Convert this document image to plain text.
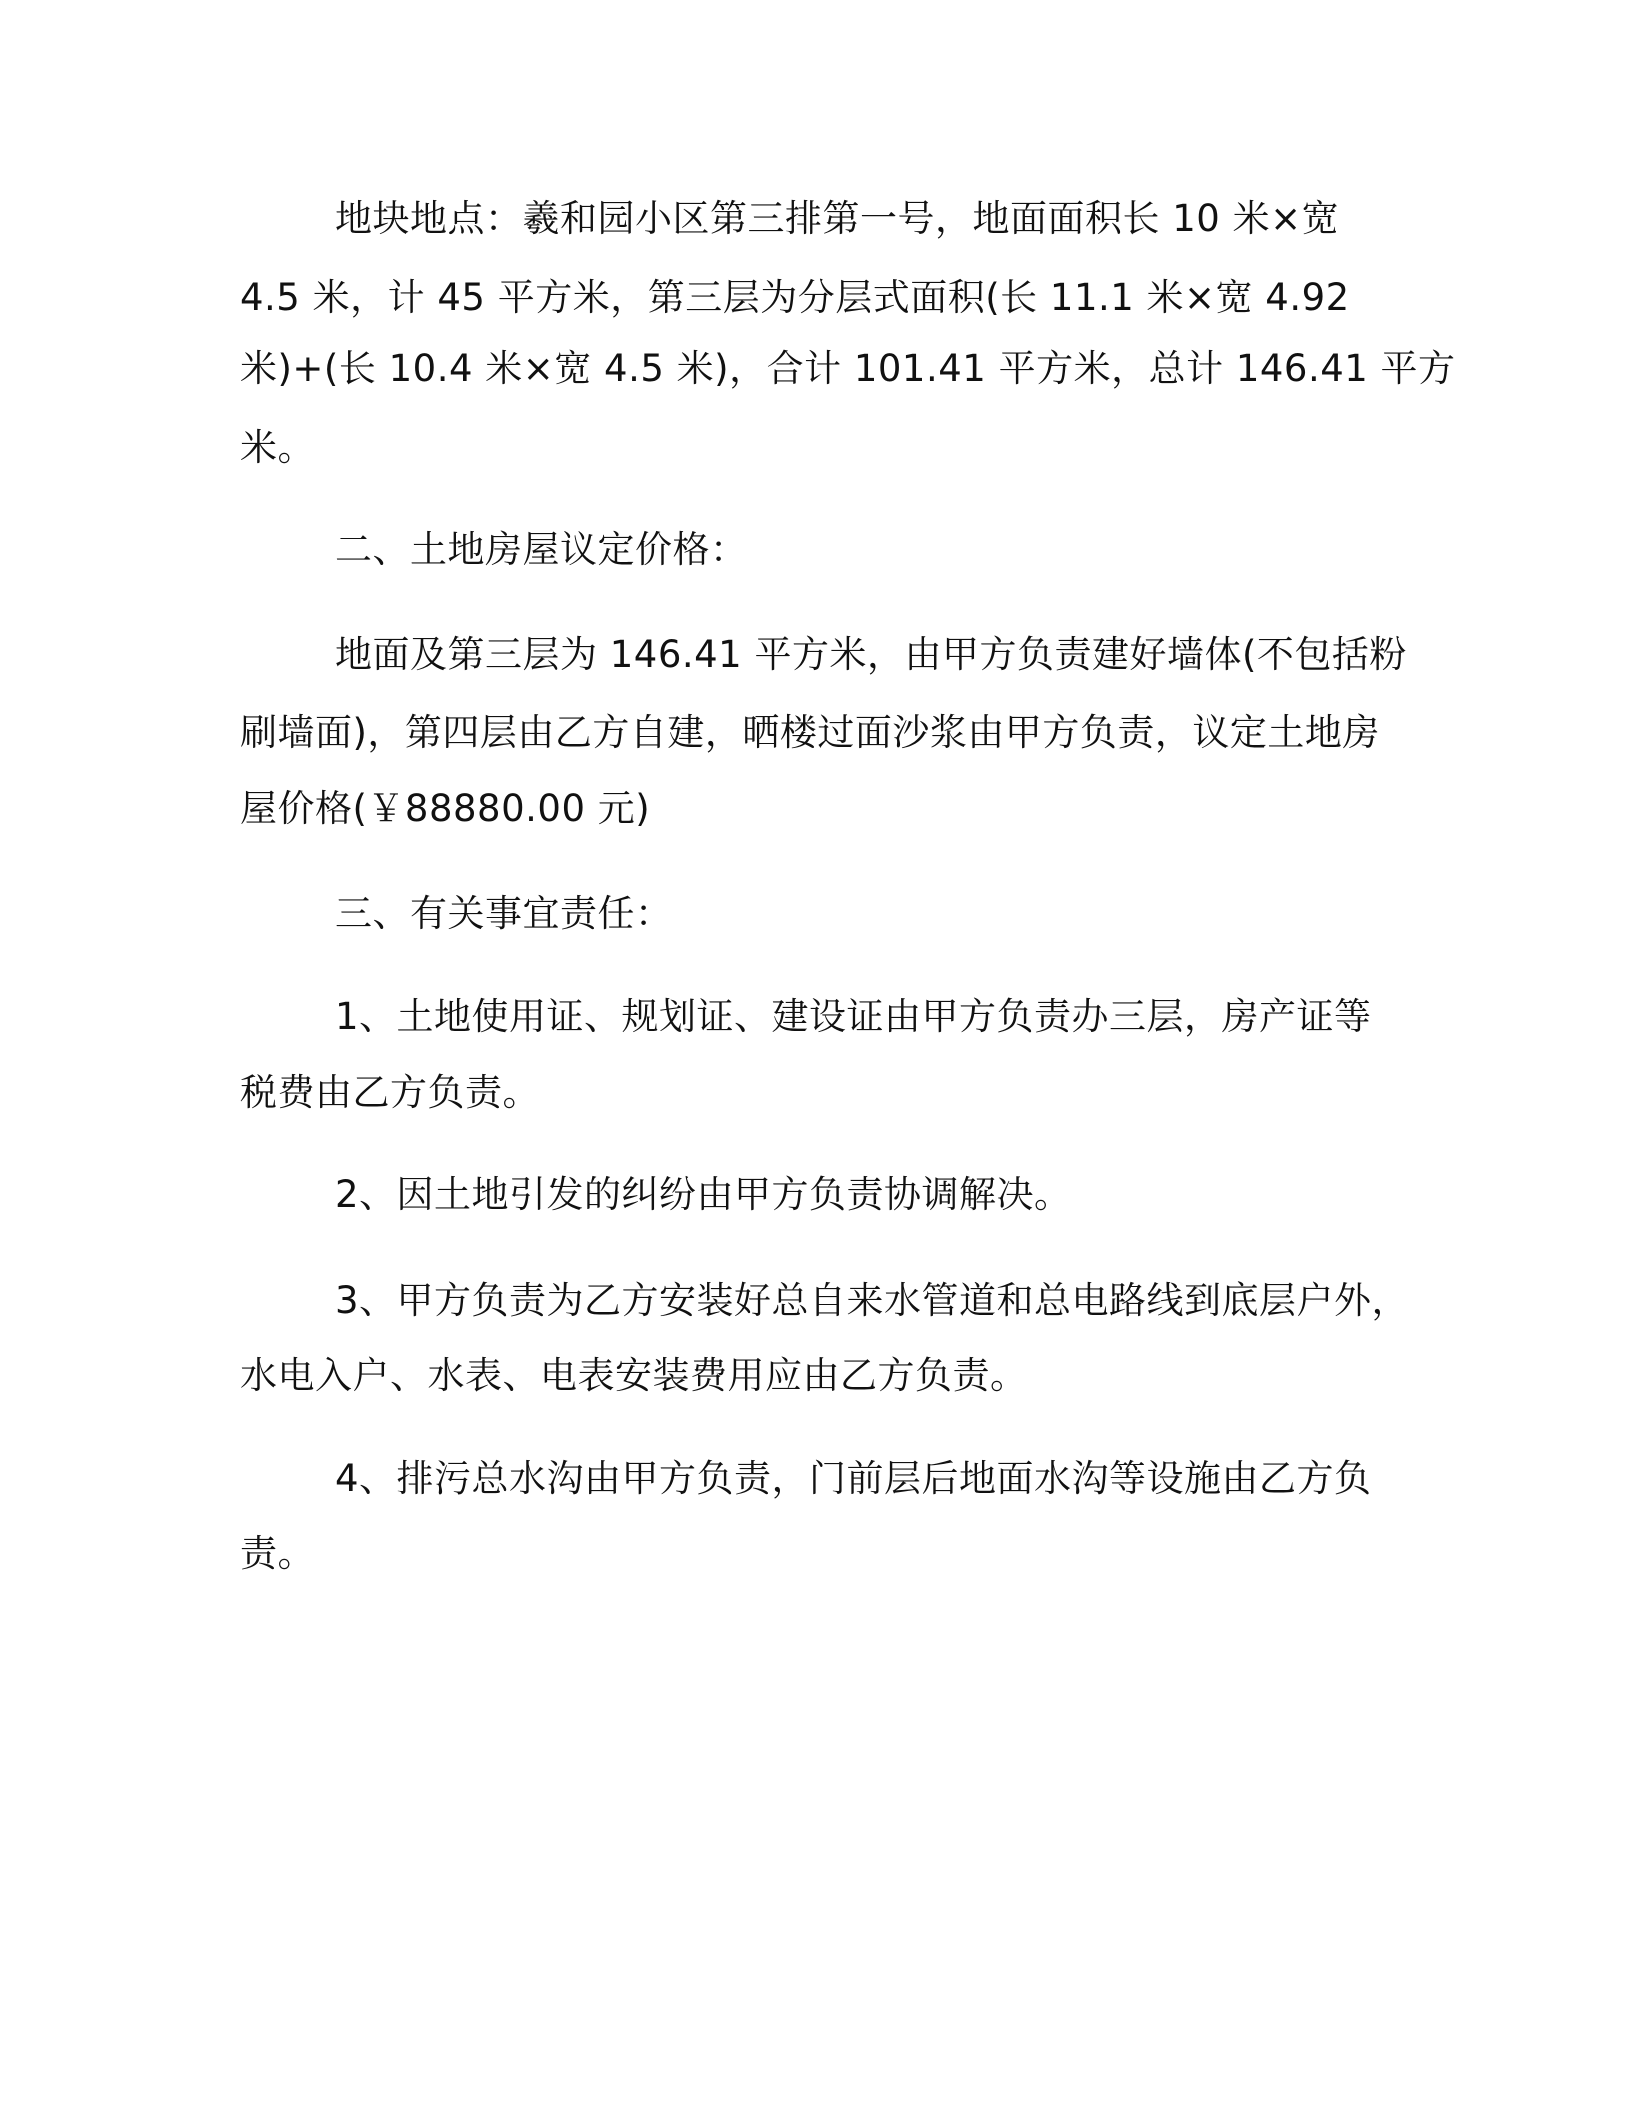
地块地点：羲和园小区第三排第一号，地面面积长 10 米×宽
4.5 米，计 45 平方米，第三层为分层式面积(长 11.1 米×宽 4.92
米)+(长 10.4 米×宽 4.5 米)，合计 101.41 平方米，总计 146.41 平方
米。
二、土地房屋议定价格：
地面及第三层为 146.41 平方米，由甲方负责建好墙体(不包括粉
刷墙面)，第四层由乙方自建，晒楼过面沙浆由甲方负责，议定土地房
屋价格(￥88880.00 元)
三、有关事宜责任：
1、土地使用证、规划证、建设证由甲方负责办三层，房产证等
税费由乙方负责。
2、因土地引发的纠纷由甲方负责协调解决。
3、甲方负责为乙方安装好总自来水管道和总电路线到底层户外，
水电入户、水表、电表安装费用应由乙方负责。
4、排污总水沟由甲方负责，门前层后地面水沟等设施由乙方负
责。
